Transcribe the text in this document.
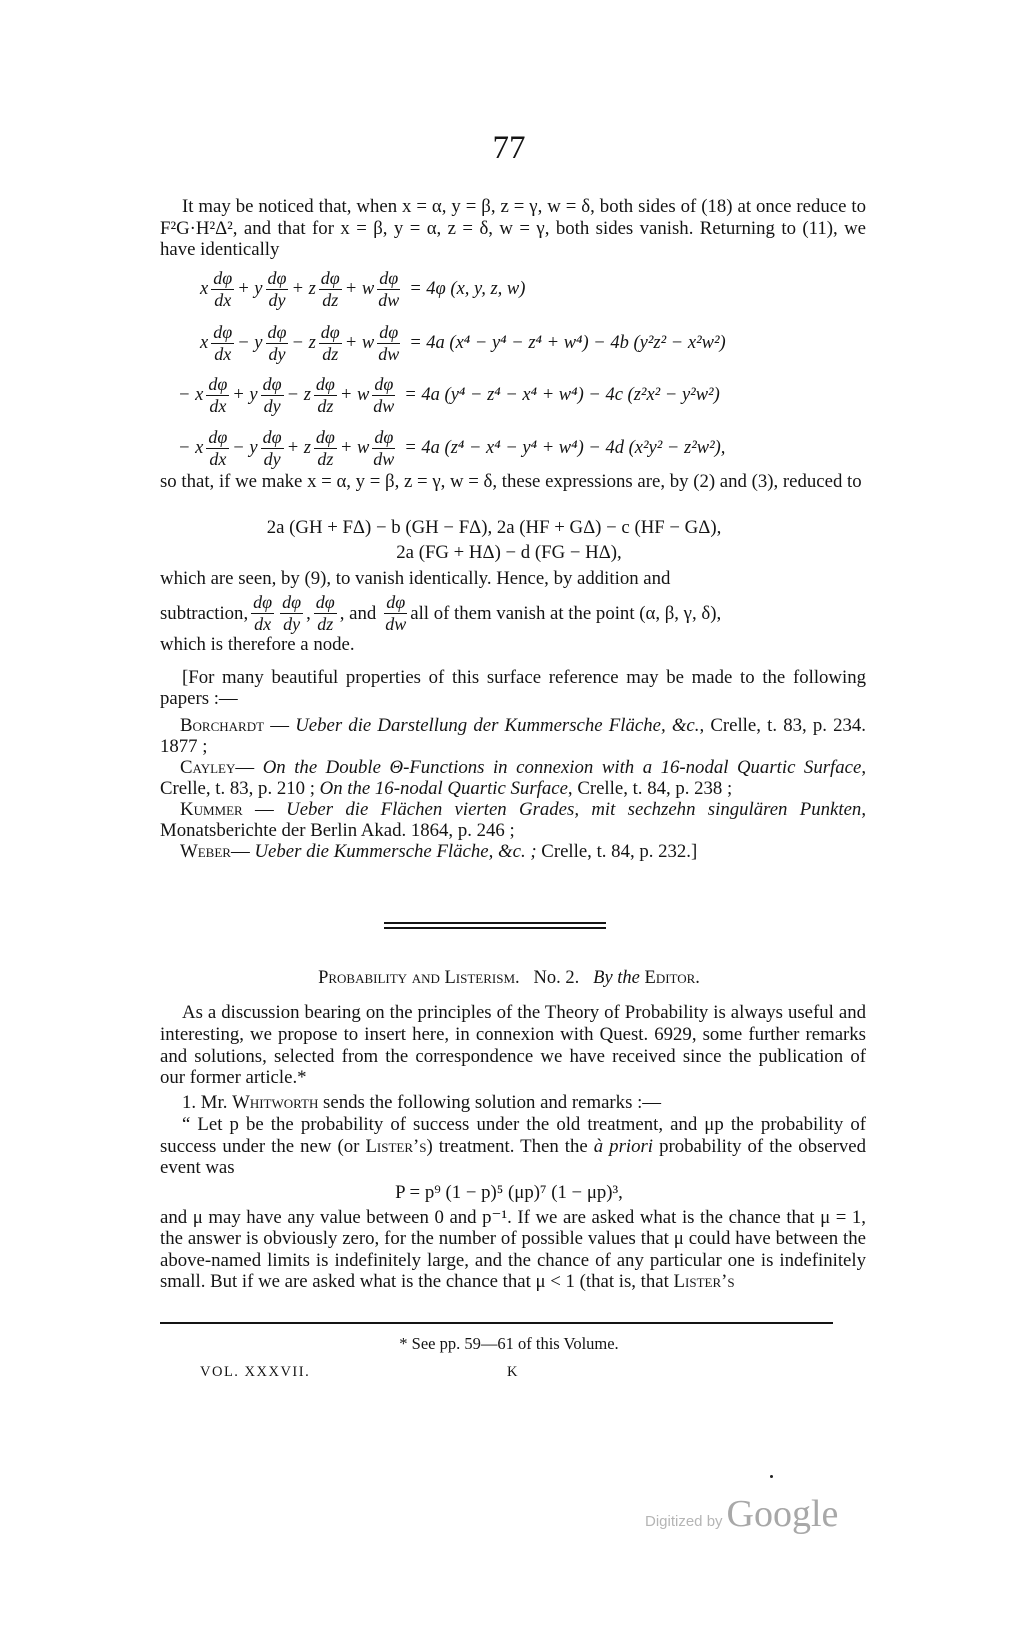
77
It may be noticed that, when x = α, y = β, z = γ, w = δ, both sides of (18) at once reduce to F²G·H²Δ², and that for x = β, y = α, z = δ, w = γ, both sides vanish. Returning to (11), we have identically
x $\frac{d\varphi}{dx} + y \frac{d\varphi}{dy} + z \frac{d\varphi}{dz} + w \frac{d\varphi}{dw} = 4\varphi$ (x, y, z, w)
x $\frac{d\varphi}{dx} - y \frac{d\varphi}{dy} - z \frac{d\varphi}{dz} + w \frac{d\varphi}{dw} = 4a$ (x⁴ − y⁴ − z⁴ + w⁴) − 4b (y²z² − x²w²)
− x $\frac{d\varphi}{dx} + y \frac{d\varphi}{dy} - z \frac{d\varphi}{dz} + w \frac{d\varphi}{dw} = 4a$ (y⁴ − z⁴ − x⁴ + w⁴) − 4c (z²x² − y²w²)
− x $\frac{d\varphi}{dx} - y \frac{d\varphi}{dy} + z \frac{d\varphi}{dz} + w \frac{d\varphi}{dw} = 4a$ (z⁴ − x⁴ − y⁴ + w⁴) − 4d (x²y² − z²w²),
so that, if we make x = α, y = β, z = γ, w = δ, these expressions are, by (2) and (3), reduced to
2a (GH + FΔ) − b (GH − FΔ), 2a (HF + GΔ) − c (HF − GΔ),
2a (FG + HΔ) − d (FG − HΔ),
which are seen, by (9), to vanish identically. Hence, by addition and
subtraction, $\frac{d\varphi}{dx} \frac{d\varphi}{dy}$ , $\frac{d\varphi}{dz}$ , and $\frac{d\varphi}{dw}$ all of them vanish at the point (α, β, γ, δ),
which is therefore a node.
[For many beautiful properties of this surface reference may be made to the following papers :—
Borchardt — Ueber die Darstellung der Kummersche Fläche, &c., Crelle, t. 83, p. 234. 1877 ;
Cayley— On the Double Θ-Functions in connexion with a 16-nodal Quartic Surface, Crelle, t. 83, p. 210 ; On the 16-nodal Quartic Surface, Crelle, t. 84, p. 238 ;
Kummer — Ueber die Flächen vierten Grades, mit sechzehn singulären Punkten, Monatsberichte der Berlin Akad. 1864, p. 246 ;
Weber— Ueber die Kummersche Fläche, &c. ; Crelle, t. 84, p. 232.]
Probability and Listerism. No. 2. By the Editor.
As a discussion bearing on the principles of the Theory of Probability is always useful and interesting, we propose to insert here, in connexion with Quest. 6929, some further remarks and solutions, selected from the correspondence we have received since the publication of our former article.*
1. Mr. Whitworth sends the following solution and remarks :—
“ Let p be the probability of success under the old treatment, and μp the probability of success under the new (or Lister’s) treatment. Then the à priori probability of the observed event was
P = p⁹ (1 − p)⁵ (μp)⁷ (1 − μp)³,
and μ may have any value between 0 and p⁻¹. If we are asked what is the chance that μ = 1, the answer is obviously zero, for the number of possible values that μ could have between the above-named limits is indefinitely large, and the chance of any particular one is indefinitely small. But if we are asked what is the chance that μ < 1 (that is, that Lister’s
* See pp. 59—61 of this Volume.
VOL. XXXVII.	K
Digitized by Google
